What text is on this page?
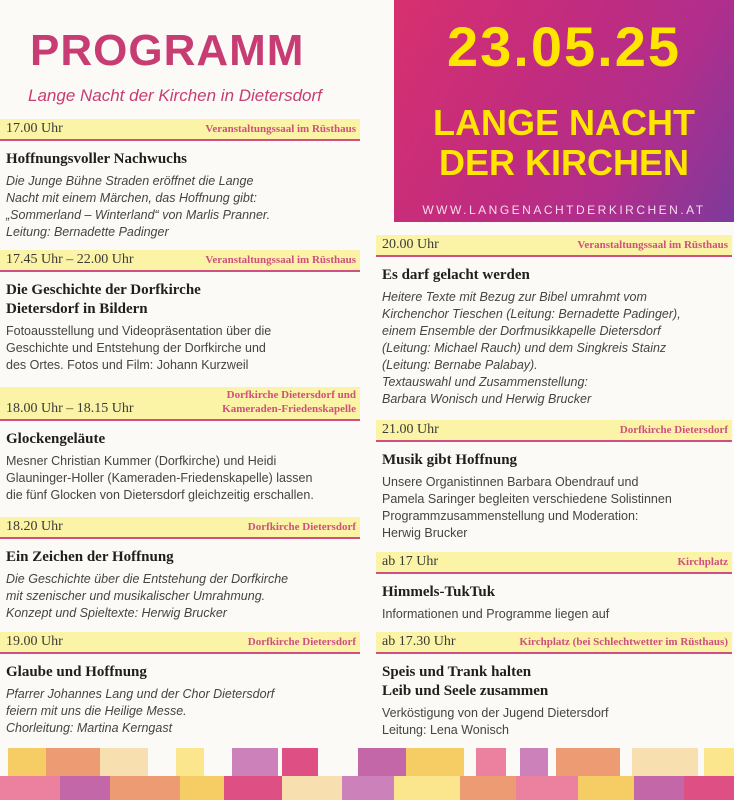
PROGRAMM

Lange Nacht der Kirchen in Dietersdorf

23.05.25
LANGE NACHT
DER KIRCHEN
WWW.LANGENACHTDERKIRCHEN.AT
17.00 Uhr	Veranstaltungssaal im Rüsthaus
Hoffnungsvoller Nachwuchs
Die Junge Bühne Straden eröffnet die Lange
Nacht mit einem Märchen, das Hoffnung gibt:
„Sommerland – Winterland“ von Marlis Pranner.
Leitung: Bernadette Padinger
17.45 Uhr – 22.00 Uhr	Veranstaltungssaal im Rüsthaus
Die Geschichte der Dorfkirche
Dietersdorf in Bildern
Fotoausstellung und Videopräsentation über die
Geschichte und Entstehung der Dorfkirche und
des Ortes. Fotos und Film: Johann Kurzweil
18.00 Uhr – 18.15 Uhr
Dorfkirche Dietersdorf und
Kameraden-Friedenskapelle
Glockengeläute
Mesner Christian Kummer (Dorfkirche) und Heidi
Glauninger-Holler (Kameraden-Friedenskapelle) lassen
die fünf Glocken von Dietersdorf gleichzeitig erschallen.
18.20 Uhr	Dorfkirche Dietersdorf
Ein Zeichen der Hoffnung
Die Geschichte über die Entstehung der Dorfkirche
mit szenischer und musikalischer Umrahmung.
Konzept und Spieltexte: Herwig Brucker
19.00 Uhr	Dorfkirche Dietersdorf
Glaube und Hoffnung
Pfarrer Johannes Lang und der Chor Dietersdorf
feiern mit uns die Heilige Messe.
Chorleitung: Martina Kerngast
20.00 Uhr	Veranstaltungssaal im Rüsthaus
Es darf gelacht werden
Heitere Texte mit Bezug zur Bibel umrahmt vom
Kirchenchor Tieschen (Leitung: Bernadette Padinger),
einem Ensemble der Dorfmusikkapelle Dietersdorf
(Leitung: Michael Rauch) und dem Singkreis Stainz
(Leitung: Bernabe Palabay).
Textauswahl und Zusammenstellung:
Barbara Wonisch und Herwig Brucker
21.00 Uhr	Dorfkirche Dietersdorf
Musik gibt Hoffnung
Unsere Organistinnen Barbara Obendrauf und
Pamela Saringer begleiten verschiedene Solistinnen
Programmzusammenstellung und Moderation:
Herwig Brucker
ab 17 Uhr	Kirchplatz
Himmels-TukTuk
Informationen und Programme liegen auf
ab 17.30 Uhr	Kirchplatz (bei Schlechtwetter im Rüsthaus)
Speis und Trank halten
Leib und Seele zusammen
Verköstigung von der Jugend Dietersdorf
Leitung: Lena Wonisch
